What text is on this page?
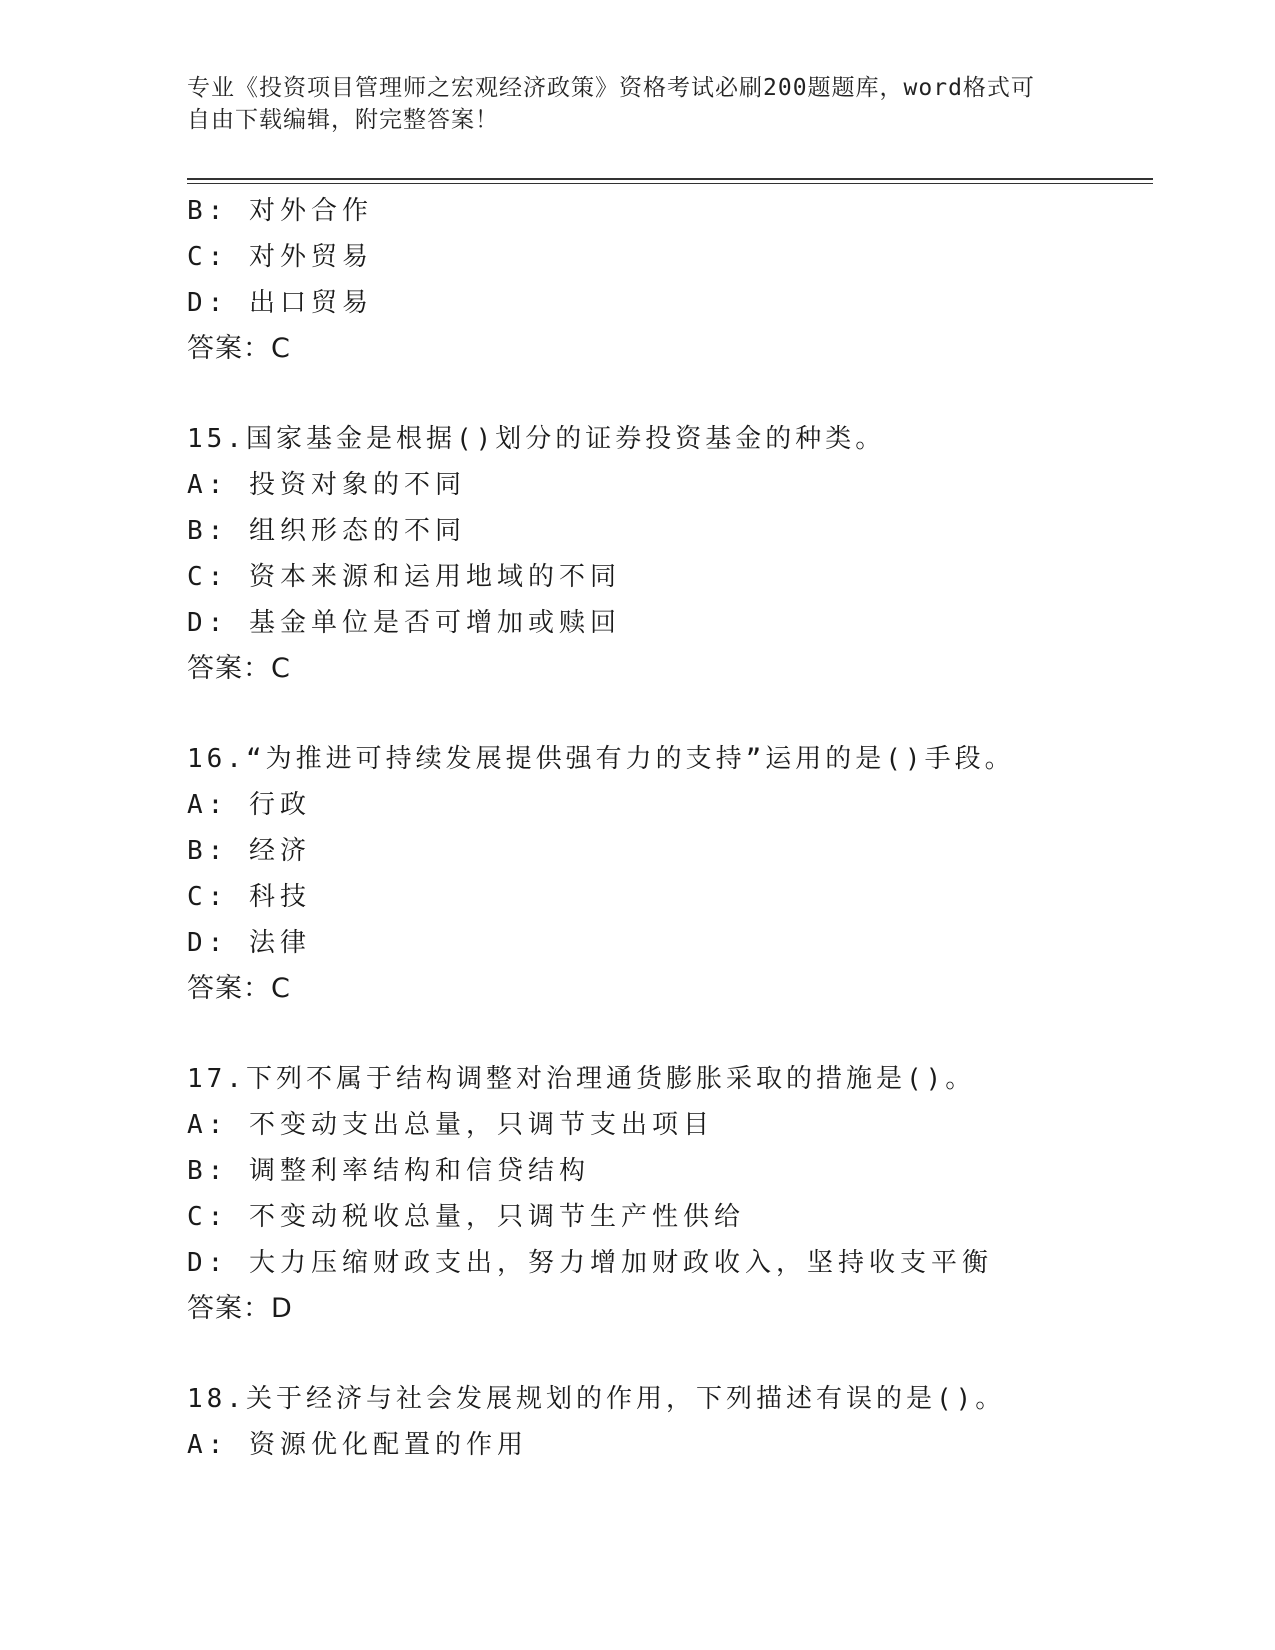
专业《投资项目管理师之宏观经济政策》资格考试必刷200题题库，word格式可
自由下载编辑，附完整答案！
B: 对外合作
C: 对外贸易
D: 出口贸易
答案：C
15.国家基金是根据()划分的证券投资基金的种类。
A: 投资对象的不同
B: 组织形态的不同
C: 资本来源和运用地域的不同
D: 基金单位是否可增加或赎回
答案：C
16.“为推进可持续发展提供强有力的支持”运用的是()手段。
A: 行政
B: 经济
C: 科技
D: 法律
答案：C
17.下列不属于结构调整对治理通货膨胀采取的措施是()。
A: 不变动支出总量，只调节支出项目
B: 调整利率结构和信贷结构
C: 不变动税收总量，只调节生产性供给
D: 大力压缩财政支出，努力增加财政收入，坚持收支平衡
答案：D
18.关于经济与社会发展规划的作用，下列描述有误的是()。
A: 资源优化配置的作用
